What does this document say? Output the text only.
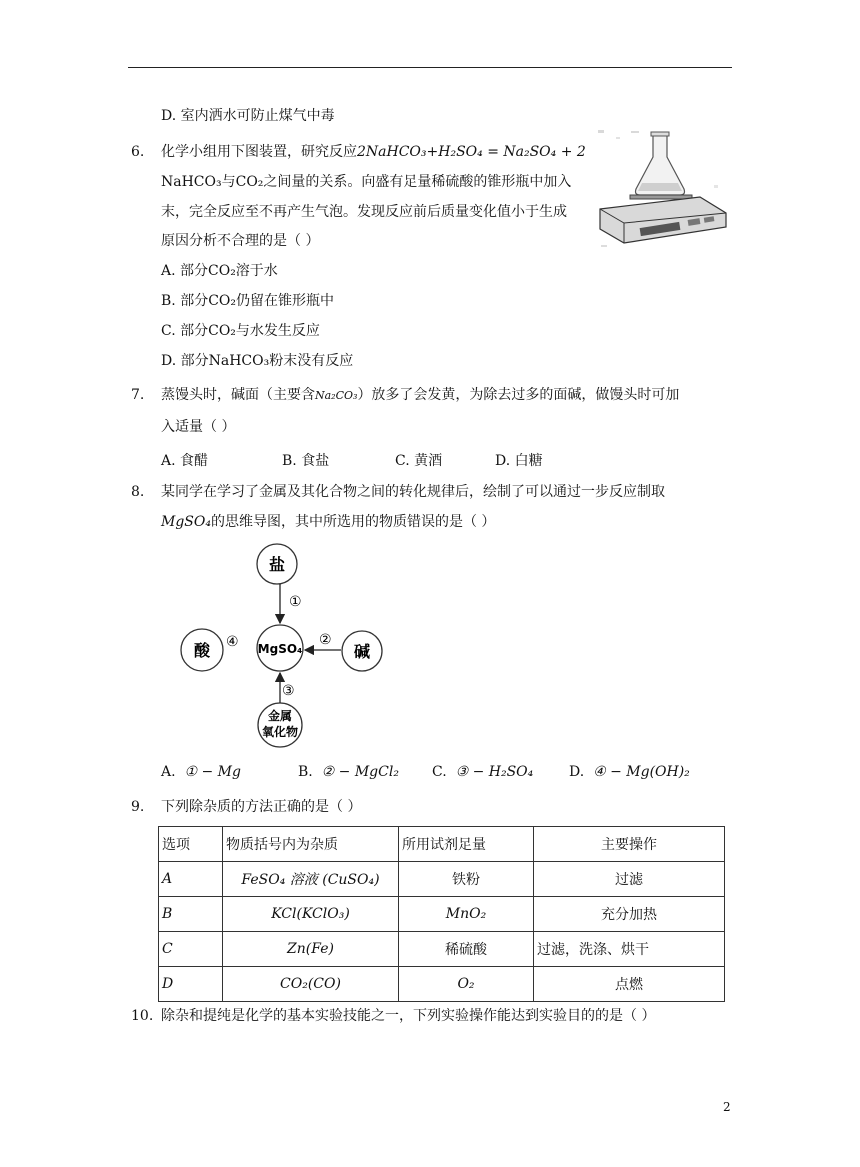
D. 室内洒水可防止煤气中毒
6. 化学小组用下图装置，研究反应2NaHCO₃+H₂SO₄ = Na₂SO₄ + 2
NaHCO₃与CO₂之间量的关系。向盛有足量稀硫酸的锥形瓶中加入
末，完全反应至不再产生气泡。发现反应前后质量变化值小于生成
原因分析不合理的是（ ）
A. 部分CO₂溶于水
B. 部分CO₂仍留在锥形瓶中
C. 部分CO₂与水发生反应
D. 部分NaHCO₃粉末没有反应
7. 蒸馒头时，碱面（主要含Na₂CO₃）放多了会发黄，为除去过多的面碱，做馒头时可加
入适量（ ）
A. 食醋	B. 食盐	C. 黄酒	D. 白糖
8. 某同学在学习了金属及其化合物之间的转化规律后，绘制了可以通过一步反应制取
MgSO₄的思维导图，其中所选用的物质错误的是（ ）
盐
酸	碱
金属
氧化物
MgSO₄
①
②
③
④
A. ① − Mg	B. ② − MgCl₂ C. ③ − H₂SO₄	D. ④ − Mg(OH)₂
9. 下列除杂质的方法正确的是（ ）
选项	物质括号内为杂质	所用试剂足量	主要操作
A	FeSO₄ 溶液 (CuSO₄)	铁粉	过滤
B	KCl(KClO₃)	MnO₂	充分加热
C	Zn(Fe)	稀硫酸	过滤，洗涤、烘干
D	CO₂(CO)	O₂	点燃
10. 除杂和提纯是化学的基本实验技能之一，下列实验操作能达到实验目的的是（ ）
2
